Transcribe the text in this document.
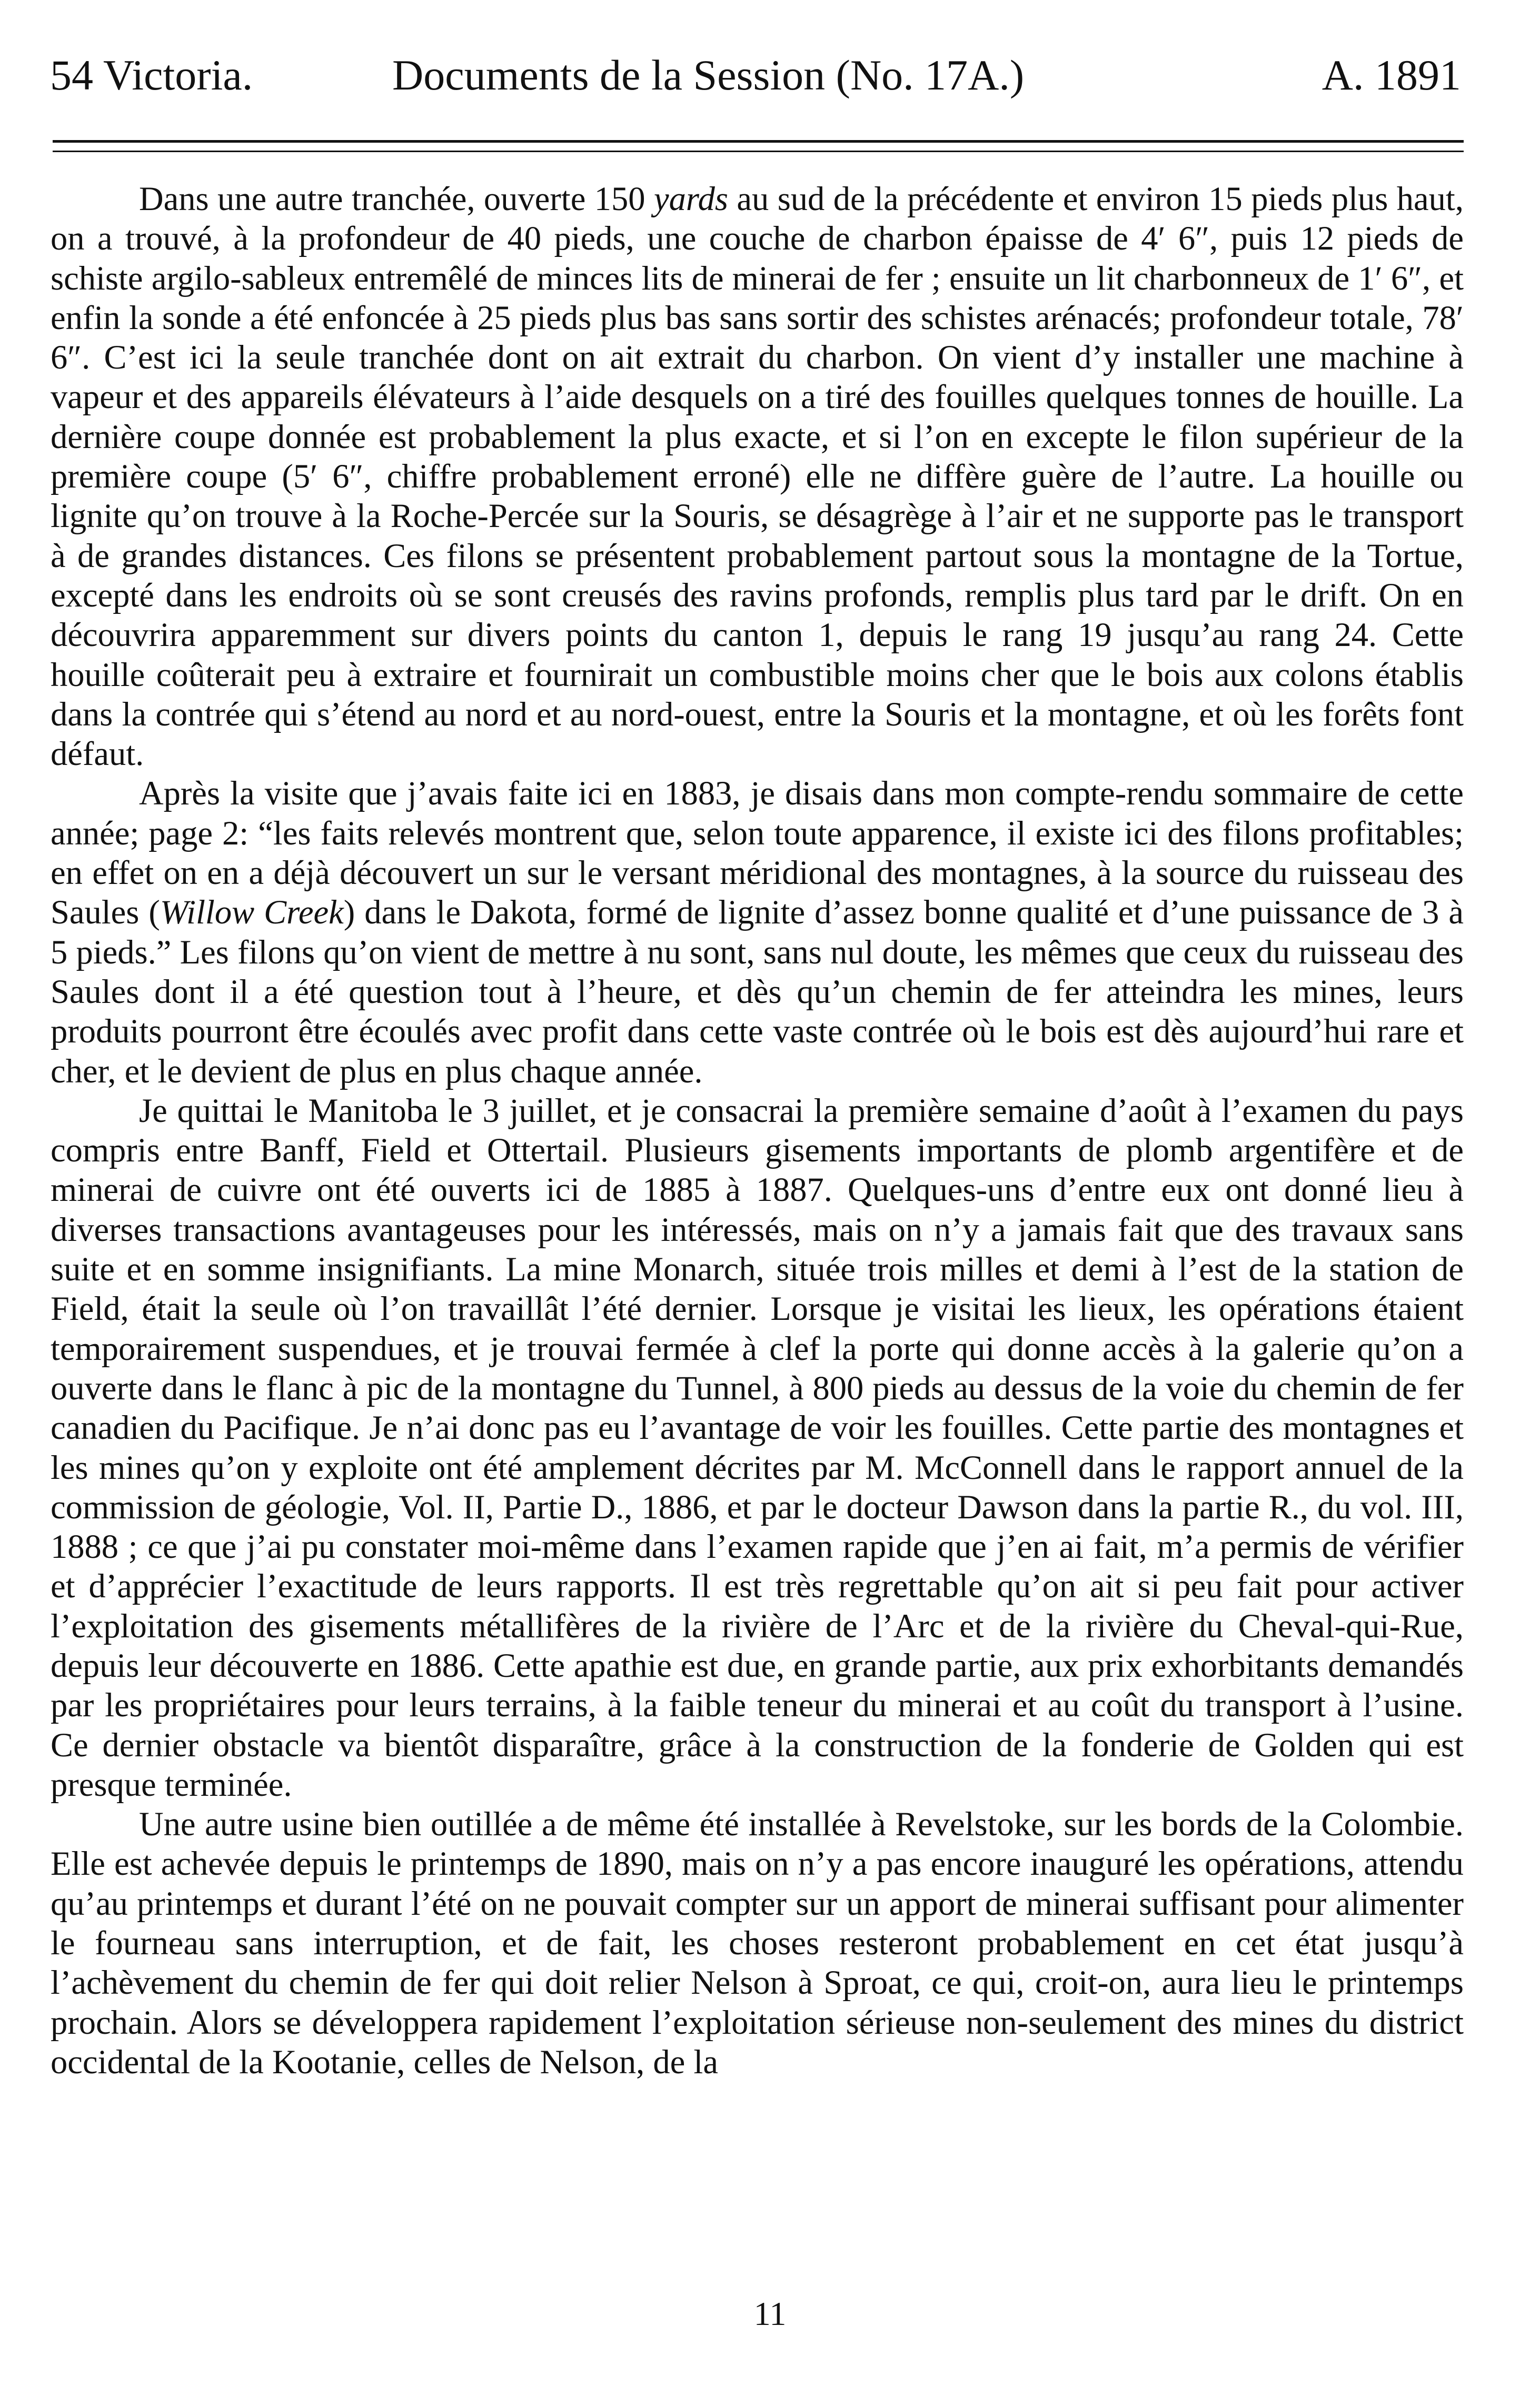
54 Victoria.	Documents de la Session (No. 17A.)	A. 1891

Dans une autre tranchée, ouverte 150 yards au sud de la précédente et environ 15 pieds plus haut, on a trouvé, à la profondeur de 40 pieds, une couche de charbon épaisse de 4′ 6″, puis 12 pieds de schiste argilo-sableux entremêlé de minces lits de minerai de fer ; ensuite un lit charbonneux de 1′ 6″, et enfin la sonde a été enfoncée à 25 pieds plus bas sans sortir des schistes arénacés; profondeur totale, 78′ 6″. C’est ici la seule tranchée dont on ait extrait du charbon. On vient d’y installer une machine à vapeur et des appareils élévateurs à l’aide desquels on a tiré des fouilles quelques tonnes de houille. La dernière coupe donnée est probablement la plus exacte, et si l’on en excepte le filon supérieur de la première coupe (5′ 6″, chiffre probablement erroné) elle ne diffère guère de l’autre. La houille ou lignite qu’on trouve à la Roche-Percée sur la Souris, se désagrège à l’air et ne supporte pas le transport à de grandes distances. Ces filons se présentent probablement partout sous la montagne de la Tortue, excepté dans les endroits où se sont creusés des ravins profonds, remplis plus tard par le drift. On en découvrira apparemment sur divers points du canton 1, depuis le rang 19 jusqu’au rang 24. Cette houille coûterait peu à extraire et fournirait un combustible moins cher que le bois aux colons établis dans la contrée qui s’étend au nord et au nord-ouest, entre la Souris et la montagne, et où les forêts font défaut.

Après la visite que j’avais faite ici en 1883, je disais dans mon compte-rendu sommaire de cette année; page 2: “les faits relevés montrent que, selon toute apparence, il existe ici des filons profitables; en effet on en a déjà découvert un sur le versant méridional des montagnes, à la source du ruisseau des Saules (Willow Creek) dans le Dakota, formé de lignite d’assez bonne qualité et d’une puissance de 3 à 5 pieds.” Les filons qu’on vient de mettre à nu sont, sans nul doute, les mêmes que ceux du ruisseau des Saules dont il a été question tout à l’heure, et dès qu’un chemin de fer atteindra les mines, leurs produits pourront être écoulés avec profit dans cette vaste contrée où le bois est dès aujourd’hui rare et cher, et le devient de plus en plus chaque année.

Je quittai le Manitoba le 3 juillet, et je consacrai la première semaine d’août à l’examen du pays compris entre Banff, Field et Ottertail. Plusieurs gisements importants de plomb argentifère et de minerai de cuivre ont été ouverts ici de 1885 à 1887. Quelques-uns d’entre eux ont donné lieu à diverses transactions avantageuses pour les intéressés, mais on n’y a jamais fait que des travaux sans suite et en somme insignifiants. La mine Monarch, située trois milles et demi à l’est de la station de Field, était la seule où l’on travaillât l’été dernier. Lorsque je visitai les lieux, les opérations étaient temporairement suspendues, et je trouvai fermée à clef la porte qui donne accès à la galerie qu’on a ouverte dans le flanc à pic de la montagne du Tunnel, à 800 pieds au dessus de la voie du chemin de fer canadien du Pacifique. Je n’ai donc pas eu l’avantage de voir les fouilles. Cette partie des montagnes et les mines qu’on y exploite ont été amplement décrites par M. McConnell dans le rapport annuel de la commission de géologie, Vol. II, Partie D., 1886, et par le docteur Dawson dans la partie R., du vol. III, 1888 ; ce que j’ai pu constater moi-même dans l’examen rapide que j’en ai fait, m’a permis de vérifier et d’apprécier l’exactitude de leurs rapports. Il est très regrettable qu’on ait si peu fait pour activer l’exploitation des gisements métallifères de la rivière de l’Arc et de la rivière du Cheval-qui-Rue, depuis leur découverte en 1886. Cette apathie est due, en grande partie, aux prix exhorbitants demandés par les propriétaires pour leurs terrains, à la faible teneur du minerai et au coût du transport à l’usine. Ce dernier obstacle va bientôt disparaître, grâce à la construction de la fonderie de Golden qui est presque terminée.

Une autre usine bien outillée a de même été installée à Revelstoke, sur les bords de la Colombie. Elle est achevée depuis le printemps de 1890, mais on n’y a pas encore inauguré les opérations, attendu qu’au printemps et durant l’été on ne pouvait compter sur un apport de minerai suffisant pour alimenter le fourneau sans interruption, et de fait, les choses resteront probablement en cet état jusqu’à l’achèvement du chemin de fer qui doit relier Nelson à Sproat, ce qui, croit-on, aura lieu le printemps prochain. Alors se développera rapidement l’exploitation sérieuse non-seulement des mines du district occidental de la Kootanie, celles de Nelson, de la

11
